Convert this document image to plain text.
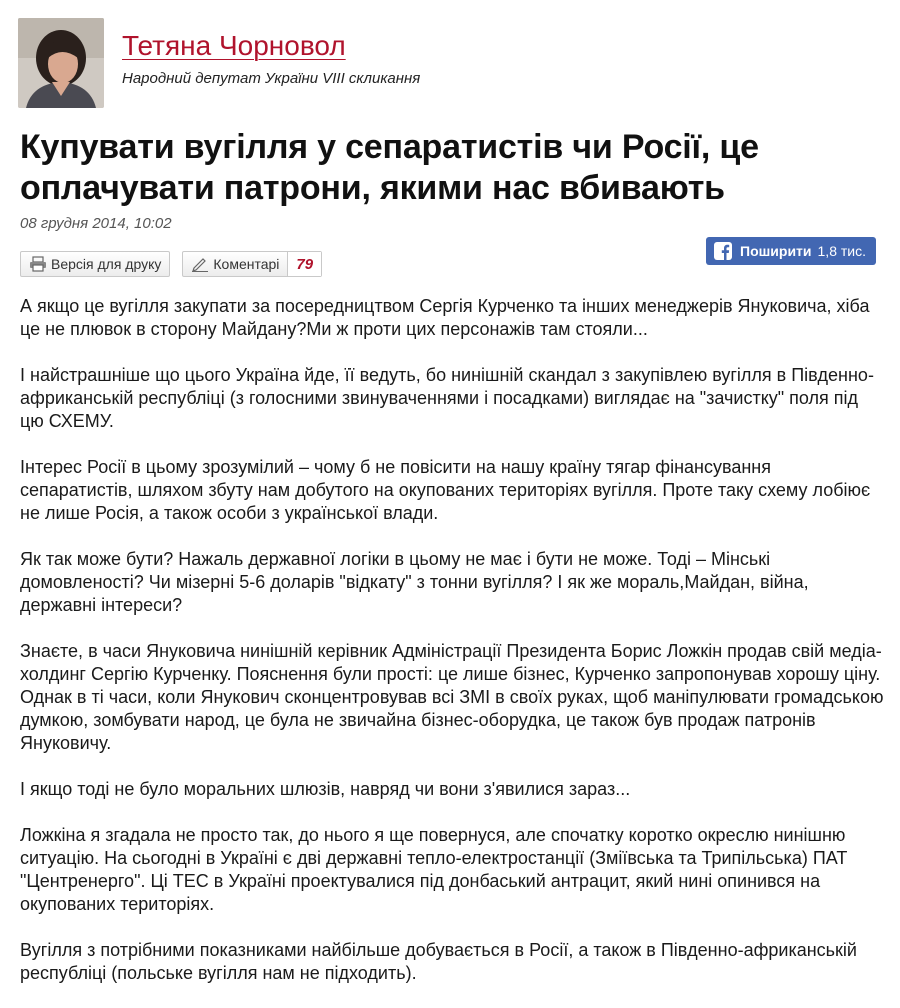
Тетяна Чорновол
Народний депутат України VIII скликання
Купувати вугілля у сепаратистів чи Росії, це оплачувати патрони, якими нас вбивають
08 грудня 2014, 10:02
Версія для друку	Коментарі	79
Поширити 1,8 тис.

А якщо це вугілля закупати за посередництвом Сергія Курченко та інших менеджерів Януковича, хіба це не плювок в сторону Майдану?Ми ж проти цих персонажів там стояли...

І найстрашніше що цього Україна йде, її ведуть, бо нинішній скандал з закупівлею вугілля в Південно-африканській республіці (з голосними звинуваченнями і посадками) виглядає на "зачистку" поля під цю СХЕМУ.

Інтерес Росії в цьому зрозумілий – чому б не повісити на нашу країну тягар фінансування сепаратистів, шляхом збуту нам добутого на окупованих територіях вугілля. Проте таку схему лобіює не лише Росія, а також особи з української влади.

Як так може бути? Нажаль державної логіки в цьому не має і бути не може. Тоді – Мінські домовленості? Чи мізерні 5-6 доларів "відкату" з тонни вугілля? І як же мораль,Майдан, війна, державні інтереси?

Знаєте, в часи Януковича нинішній керівник Адміністрації Президента Борис Ложкін продав свій медіа-холдинг Сергію Курченку. Пояснення були прості: це лише бізнес, Курченко запропонував хорошу ціну. Однак в ті часи, коли Янукович сконцентровував всі ЗМІ в своїх руках, щоб маніпулювати громадською думкою, зомбувати народ, це була не звичайна бізнес-оборудка, це також був продаж патронів Януковичу.

І якщо тоді не було моральних шлюзів, навряд чи вони з'явилися зараз...

Ложкіна я згадала не просто так, до нього я ще повернуся, але спочатку коротко окреслю нинішню ситуацію. На сьогодні в Україні є дві державні тепло-електростанції (Зміївська та Трипільська) ПАТ "Центренерго". Ці ТЕС в Україні проектувалися під донбаський антрацит, який нині опинився на окупованих територіях.

Вугілля з потрібними показниками найбільше добувається в Росії, а також в Південно-африканській республіці (польське вугілля нам не підходить).
